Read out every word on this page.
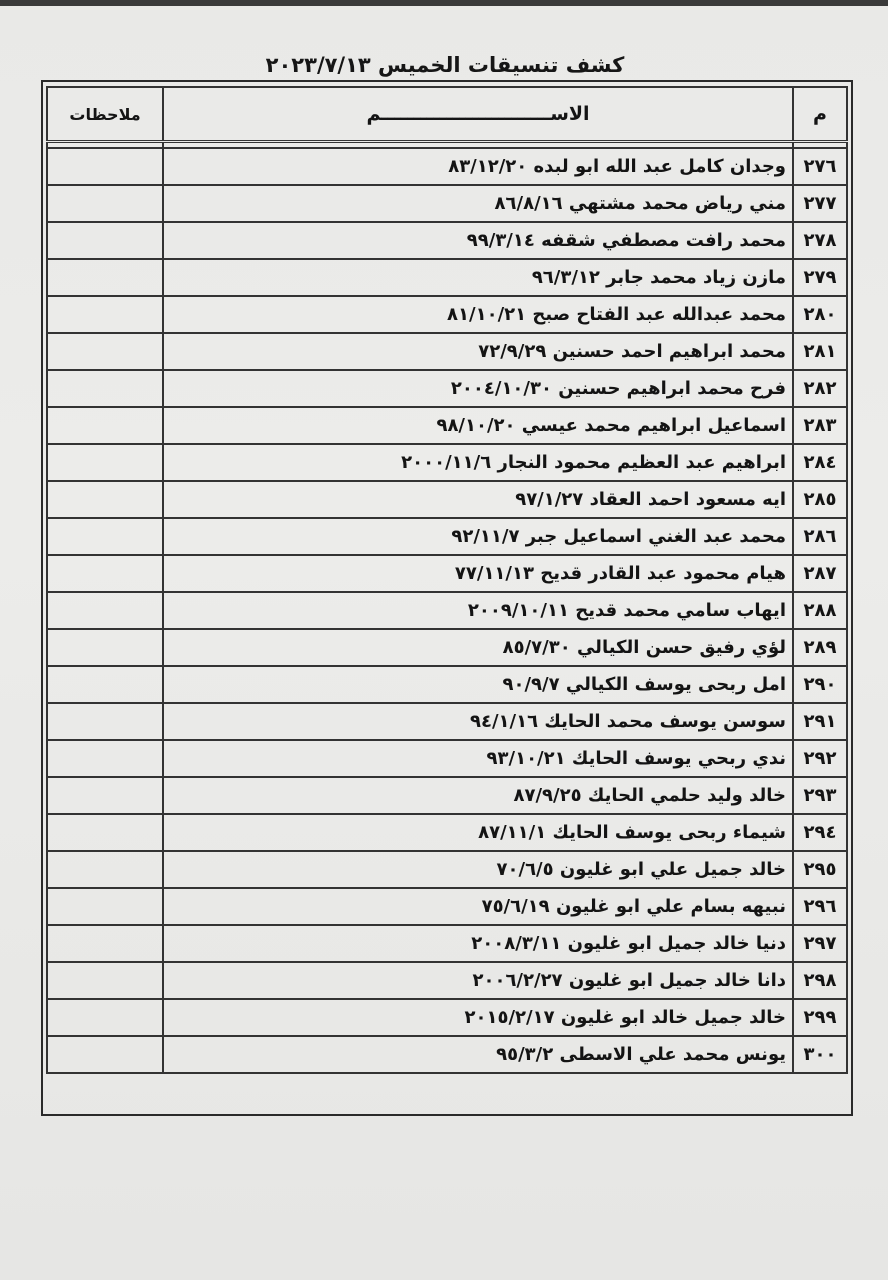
كشف تنسيقات الخميس ٢٠٢٣/٧/١٣
م	الاســــــــــــــــــــــــــم	ملاحظات

٢٧٦	وجدان كامل عبد الله ابو لبده ٨٣/١٢/٢٠	
٢٧٧	مني رياض محمد مشتهي ٨٦/٨/١٦	
٢٧٨	محمد رافت مصطفي شقفه ٩٩/٣/١٤	
٢٧٩	مازن زياد محمد جابر ٩٦/٣/١٢	
٢٨٠	محمد عبدالله عبد الفتاح صبح ٨١/١٠/٢١	
٢٨١	محمد ابراهيم احمد حسنين ٧٢/٩/٢٩	
٢٨٢	فرح محمد ابراهيم حسنين ٢٠٠٤/١٠/٣٠	
٢٨٣	اسماعيل ابراهيم محمد عيسي ٩٨/١٠/٢٠	
٢٨٤	ابراهيم عبد العظيم محمود النجار ٢٠٠٠/١١/٦	
٢٨٥	ايه مسعود احمد العقاد ٩٧/١/٢٧	
٢٨٦	محمد عبد الغني اسماعيل جبر ٩٢/١١/٧	
٢٨٧	هيام محمود عبد القادر قديح ٧٧/١١/١٣	
٢٨٨	ايهاب سامي محمد قديح ٢٠٠٩/١٠/١١	
٢٨٩	لؤي رفيق حسن الكيالي ٨٥/٧/٣٠	
٢٩٠	امل ربحى يوسف الكيالي ٩٠/٩/٧	
٢٩١	سوسن يوسف محمد الحايك ٩٤/١/١٦	
٢٩٢	ندي ربحي يوسف الحايك ٩٣/١٠/٢١	
٢٩٣	خالد وليد حلمي الحايك ٨٧/٩/٢٥	
٢٩٤	شيماء ربحى يوسف الحايك ٨٧/١١/١	
٢٩٥	خالد جميل علي ابو غليون ٧٠/٦/٥	
٢٩٦	نبيهه بسام علي ابو غليون ٧٥/٦/١٩	
٢٩٧	دنيا خالد جميل ابو غليون ٢٠٠٨/٣/١١	
٢٩٨	دانا خالد جميل ابو غليون ٢٠٠٦/٢/٢٧	
٢٩٩	خالد جميل خالد ابو غليون ٢٠١٥/٢/١٧	
٣٠٠	يونس محمد علي الاسطى ٩٥/٣/٢	
